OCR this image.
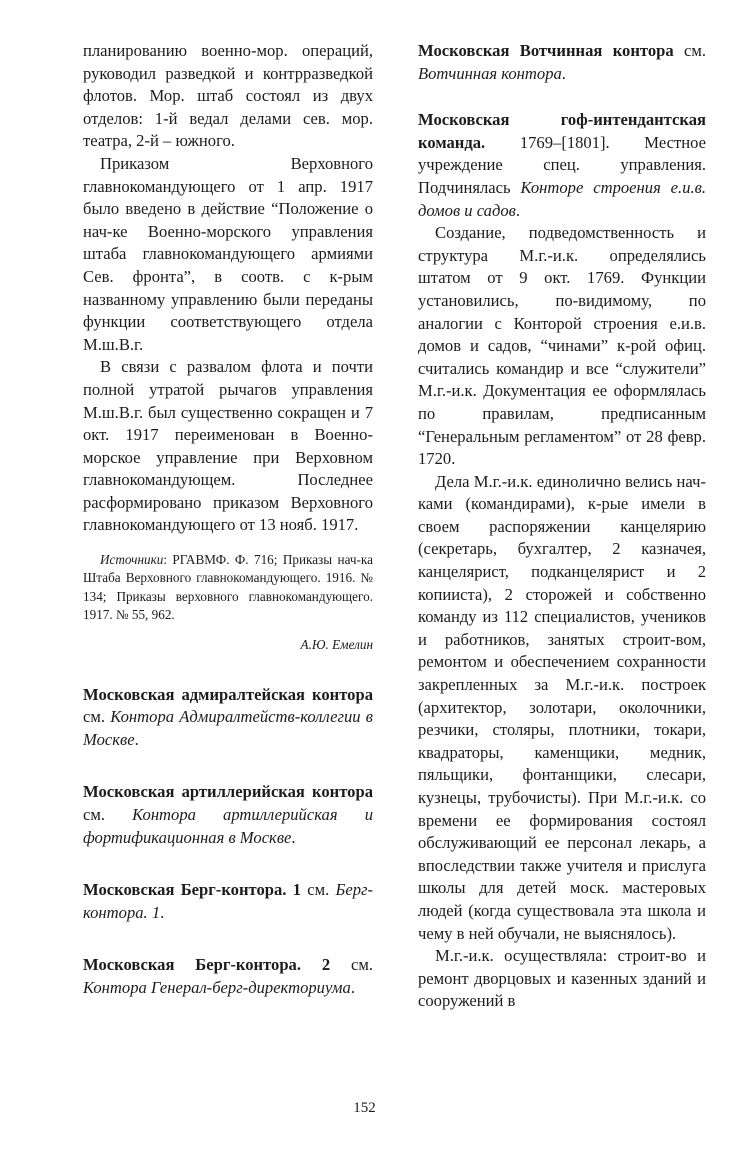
планированию военно-мор. операций, руководил разведкой и контрразведкой флотов. Мор. штаб состоял из двух отделов: 1-й ведал делами сев. мор. театра, 2-й – южного.

Приказом Верховного главнокомандующего от 1 апр. 1917 было введено в действие “Положение о нач-ке Военно-морского управления штаба главнокомандующего армиями Сев. фронта”, в соотв. с к-рым названному управлению были переданы функции соответствующего отдела М.ш.В.г.

В связи с развалом флота и почти полной утратой рычагов управления М.ш.В.г. был существенно сокращен и 7 окт. 1917 переименован в Военно-морское управление при Верховном главнокомандующем. Последнее расформировано приказом Верховного главнокомандующего от 13 нояб. 1917.

Источники: РГАВМФ. Ф. 716; Приказы нач-ка Штаба Верховного главнокомандующего. 1916. № 134; Приказы верховного главнокомандующего. 1917. № 55, 962.

А.Ю. Емелин

Московская адмиралтейская контора см. Контора Адмиралтейств-коллегии в Москве.

Московская артиллерийская контора см. Контора артиллерийская и фортификационная в Москве.

Московская Берг-контора. 1 см. Берг-контора. 1.

Московская Берг-контора. 2 см. Контора Генерал-берг-директориума.

Московская Вотчинная контора см. Вотчинная контора.

Московская гоф-интендантская команда. 1769–[1801]. Местное учреждение спец. управления. Подчинялась Конторе строения е.и.в. домов и садов.

Создание, подведомственность и структура М.г.-и.к. определялись штатом от 9 окт. 1769. Функции установились, по-видимому, по аналогии с Конторой строения е.и.в. домов и садов, “чинами” к-рой офиц. считались командир и все “служители” М.г.-и.к. Документация ее оформлялась по правилам, предписанным “Генеральным регламентом” от 28 февр. 1720.

Дела М.г.-и.к. единолично велись нач-ками (командирами), к-рые имели в своем распоряжении канцелярию (секретарь, бухгалтер, 2 казначея, канцелярист, подканцелярист и 2 копииста), 2 сторожей и собственно команду из 112 специалистов, учеников и работников, занятых строит-вом, ремонтом и обеспечением сохранности закрепленных за М.г.-и.к. построек (архитектор, золотари, околочники, резчики, столяры, плотники, токари, квадраторы, каменщики, медник, пяльщики, фонтанщики, слесари, кузнецы, трубочисты). При М.г.-и.к. со времени ее формирования состоял обслуживающий ее персонал лекарь, а впоследствии также учителя и прислуга школы для детей моск. мастеровых людей (когда существовала эта школа и чему в ней обучали, не выяснялось).

М.г.-и.к. осуществляла: строит-во и ремонт дворцовых и казенных зданий и сооружений в

152
